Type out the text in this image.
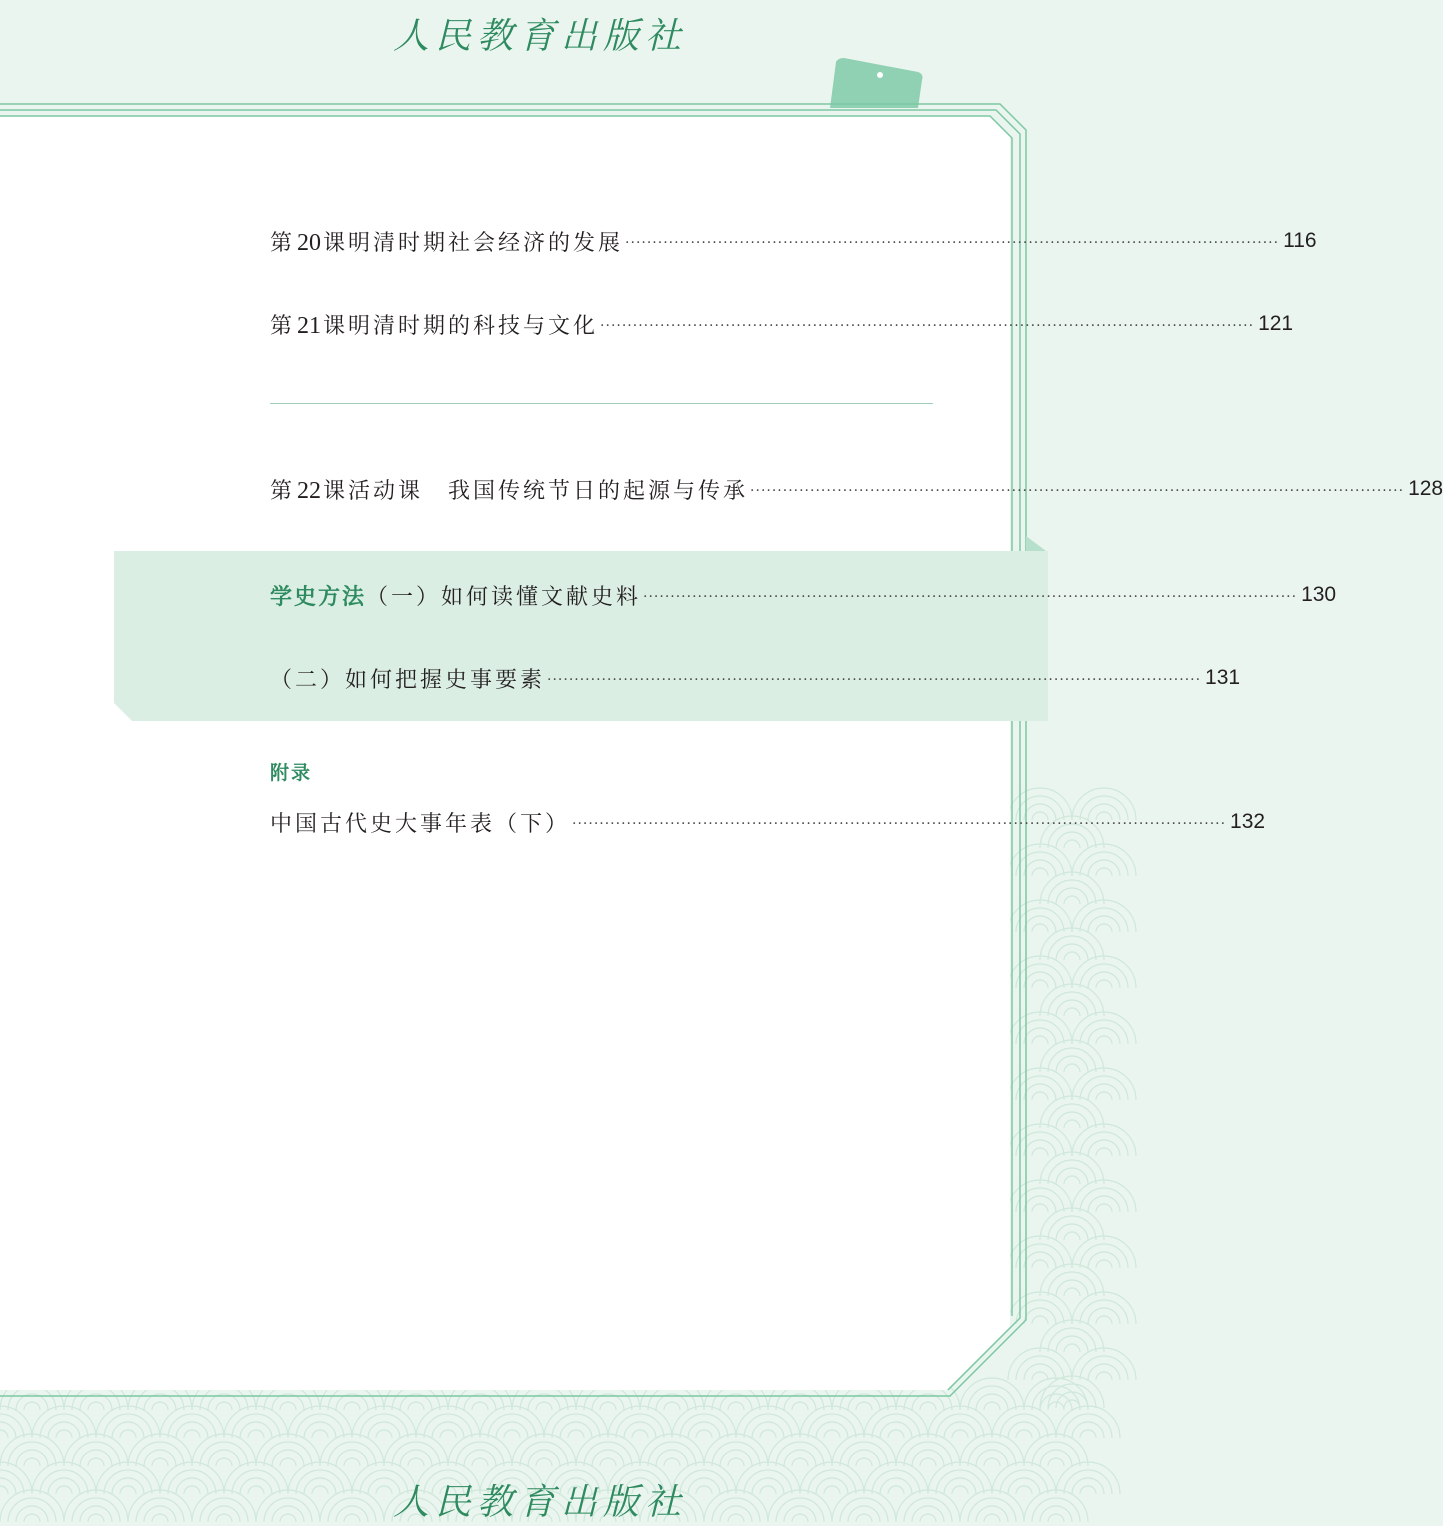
人民教育出版社
第20课 明清时期社会经济的发展 ························································································································ 116
第21课 明清时期的科技与文化 ························································································································ 121
第22课 活动课　我国传统节日的起源与传承 ························································································································ 128
学史方法 （一）如何读懂文献史料 ························································································································ 130
（二）如何把握史事要素 ························································································································ 131
附录
中国古代史大事年表（下） ························································································································ 132
人民教育出版社
